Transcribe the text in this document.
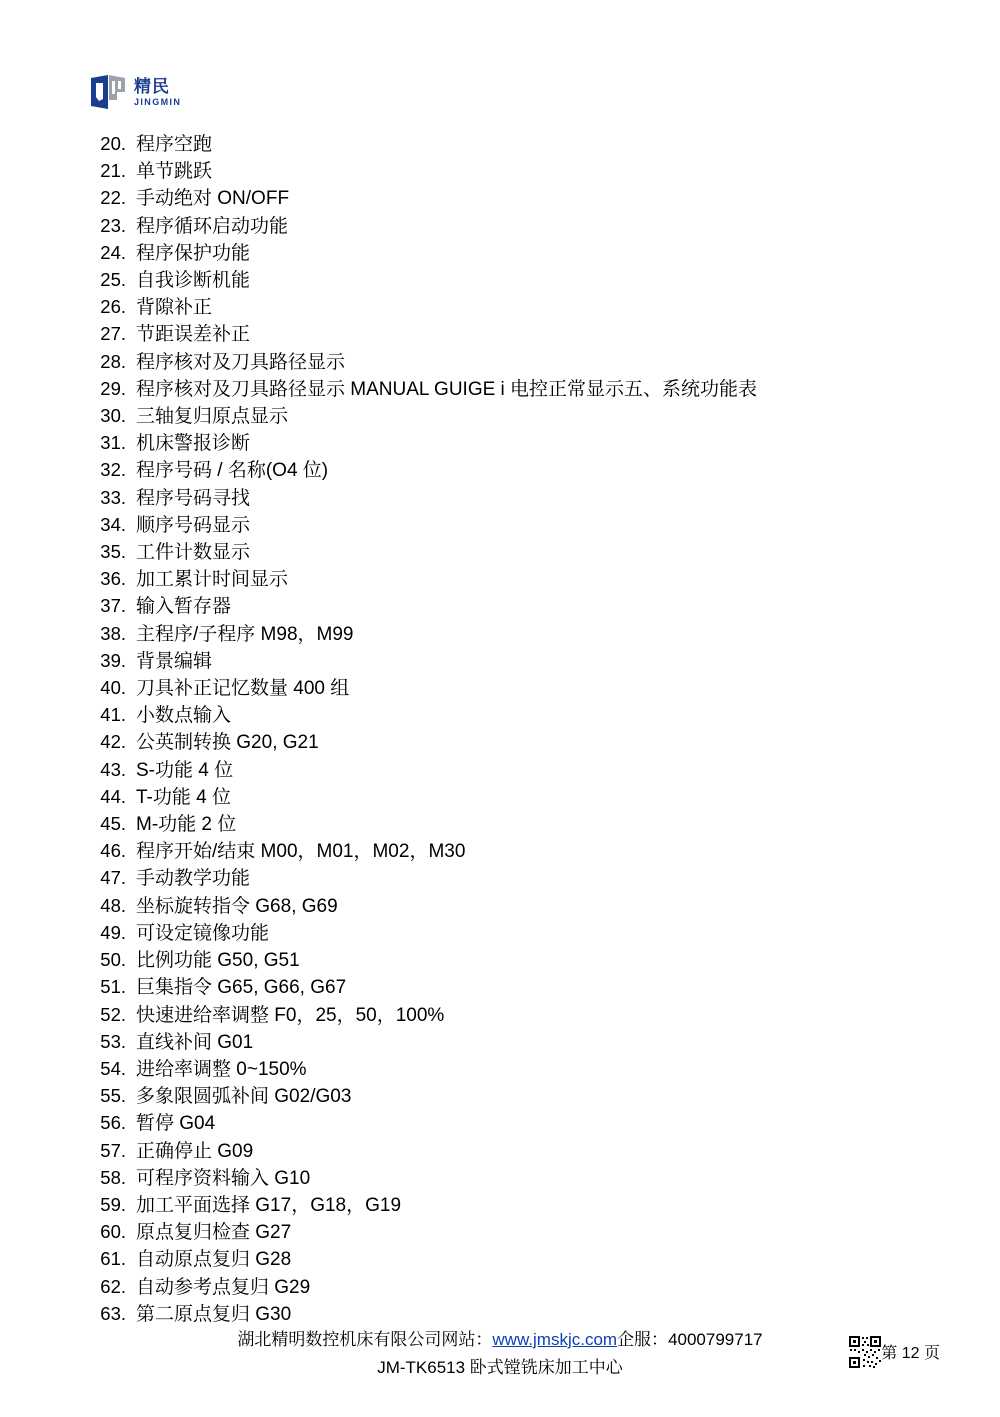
精民
JINGMIN
20. 程序空跑
21. 单节跳跃
22. 手动绝对 ON/OFF
23. 程序循环启动功能
24. 程序保护功能
25. 自我诊断机能
26. 背隙补正
27. 节距误差补正
28. 程序核对及刀具路径显示
29. 程序核对及刀具路径显示 MANUAL GUIGE i 电控正常显示五、系统功能表
30. 三轴复归原点显示
31. 机床警报诊断
32. 程序号码 / 名称(O4 位)
33. 程序号码寻找
34. 顺序号码显示
35. 工件计数显示
36. 加工累计时间显示
37. 输入暂存器
38. 主程序/子程序 M98，M99
39. 背景编辑
40. 刀具补正记忆数量 400 组
41. 小数点输入
42. 公英制转换 G20, G21
43. S-功能 4 位
44. T-功能 4 位
45. M-功能 2 位
46. 程序开始/结束 M00，M01，M02，M30
47. 手动教学功能
48. 坐标旋转指令 G68, G69
49. 可设定镜像功能
50. 比例功能 G50, G51
51. 巨集指令 G65, G66, G67
52. 快速进给率调整 F0，25，50，100%
53. 直线补间 G01
54. 进给率调整 0~150%
55. 多象限圆弧补间 G02/G03
56. 暂停 G04
57. 正确停止 G09
58. 可程序资料输入 G10
59. 加工平面选择 G17，G18，G19
60. 原点复归检查 G27
61. 自动原点复归 G28
62. 自动参考点复归 G29
63. 第二原点复归 G30
湖北精明数控机床有限公司网站：www.jmskjc.com企服：4000799717
JM-TK6513 卧式镗铣床加工中心
第 12 页
